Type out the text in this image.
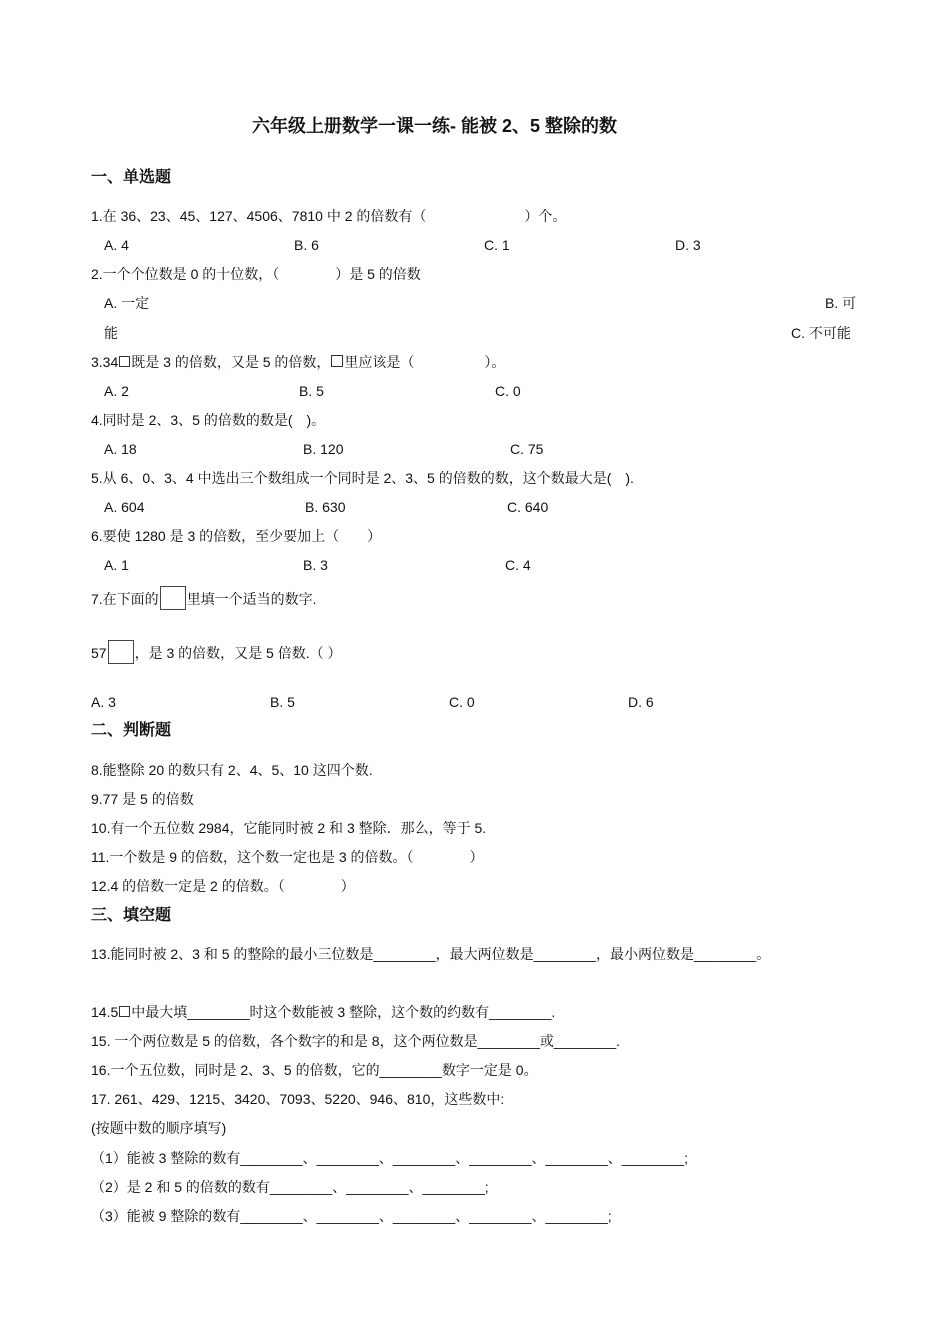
六年级上册数学一课一练- 能被 2、5 整除的数
一、单选题
1.在 36、23、45、127、4506、7810 中 2 的倍数有（　　　　　　　）个。
A. 4	B. 6	C. 1	D. 3
2.一个个位数是 0 的十位数，（　　　　）是 5 的倍数
A. 一定	B. 可
能	C. 不可能
3.34 既是 3 的倍数，又是 5 的倍数， 里应该是（　　　　　）。
A. 2	B. 5	C. 0
4.同时是 2、3、5 的倍数的数是(　)。
A. 18	B. 120	C. 75
5.从 6、0、3、4 中选出三个数组成一个同时是 2、3、5 的倍数的数，这个数最大是(　).
A. 604	B. 630	C. 640
6.要使 1280 是 3 的倍数，至少要加上（　　）
A. 1	B. 3	C. 4
7.在下面的 里填一个适当的数字.
57 ，是 3 的倍数，又是 5 倍数.（ ）
A. 3	B. 5	C. 0	D. 6
二、判断题
8.能整除 20 的数只有 2、4、5、10 这四个数.
9.77 是 5 的倍数
10.有一个五位数 2984，它能同时被 2 和 3 整除．那么，等于 5.
11.一个数是 9 的倍数，这个数一定也是 3 的倍数。（　　　　）
12.4 的倍数一定是 2 的倍数。（　　　　）
三、填空题
13.能同时被 2、3 和 5 的整除的最小三位数是________，最大两位数是________，最小两位数是________。
14.5 中最大填________时这个数能被 3 整除，这个数的约数有________.
15. 一个两位数是 5 的倍数，各个数字的和是 8，这个两位数是________或________.
16.一个五位数，同时是 2、3、5 的倍数，它的________数字一定是 0。
17. 261、429、1215、3420、7093、5220、946、810，这些数中:
(按题中数的顺序填写)
（1）能被 3 整除的数有________、________、________、________、________、________;
（2）是 2 和 5 的倍数的数有________、________、________;
（3）能被 9 整除的数有________、________、________、________、________;
